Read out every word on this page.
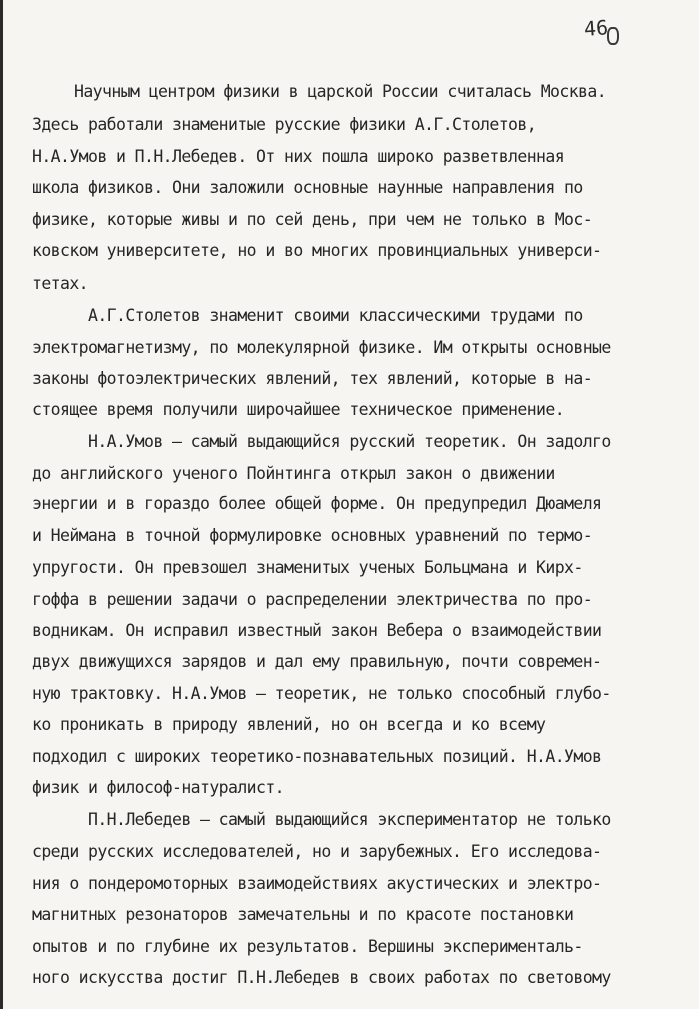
46
Научным центром физики в царской России считалась Москва.
Здесь работали знаменитые русские физики А.Г.Столетов,
Н.А.Умов и П.Н.Лебедев. От них пошла широко разветвленная
школа физиков. Они заложили основные наунные направления по
физике, которые живы и по сей день, при чем не только в Мос-
ковском университете, но и во многих провинциальных универси-
тетах.
А.Г.Столетов знаменит своими классическими трудами по
электромагнетизму, по молекулярной физике. Им открыты основные
законы фотоэлектрических явлений, тех явлений, которые в на-
стоящее время получили широчайшее техническое применение.
Н.А.Умов – самый выдающийся русский теоретик. Он задолго
до английского ученого Пойнтинга открыл закон о движении
энергии и в гораздо более общей форме. Он предупредил Дюамеля
и Неймана в точной формулировке основных уравнений по термо-
упругости. Он превзошел знаменитых ученых Больцмана и Кирх-
гоффа в решении задачи о распределении электричества по про-
водникам. Он исправил известный закон Вебера о взаимодействии
двух движущихся зарядов и дал ему правильную, почти современ-
ную трактовку. Н.А.Умов – теоретик, не только способный глубо-
ко проникать в природу явлений, но он всегда и ко всему
подходил с широких теоретико-познавательных позиций. Н.А.Умов
физик и философ-натуралист.
П.Н.Лебедев – самый выдающийся экспериментатор не только
среди русских исследователей, но и зарубежных. Его исследова-
ния о пондеромоторных взаимодействиях акустических и электро-
магнитных резонаторов замечательны и по красоте постановки
опытов и по глубине их результатов. Вершины эксперименталь-
ного искусства достиг П.Н.Лебедев в своих работах по световому
